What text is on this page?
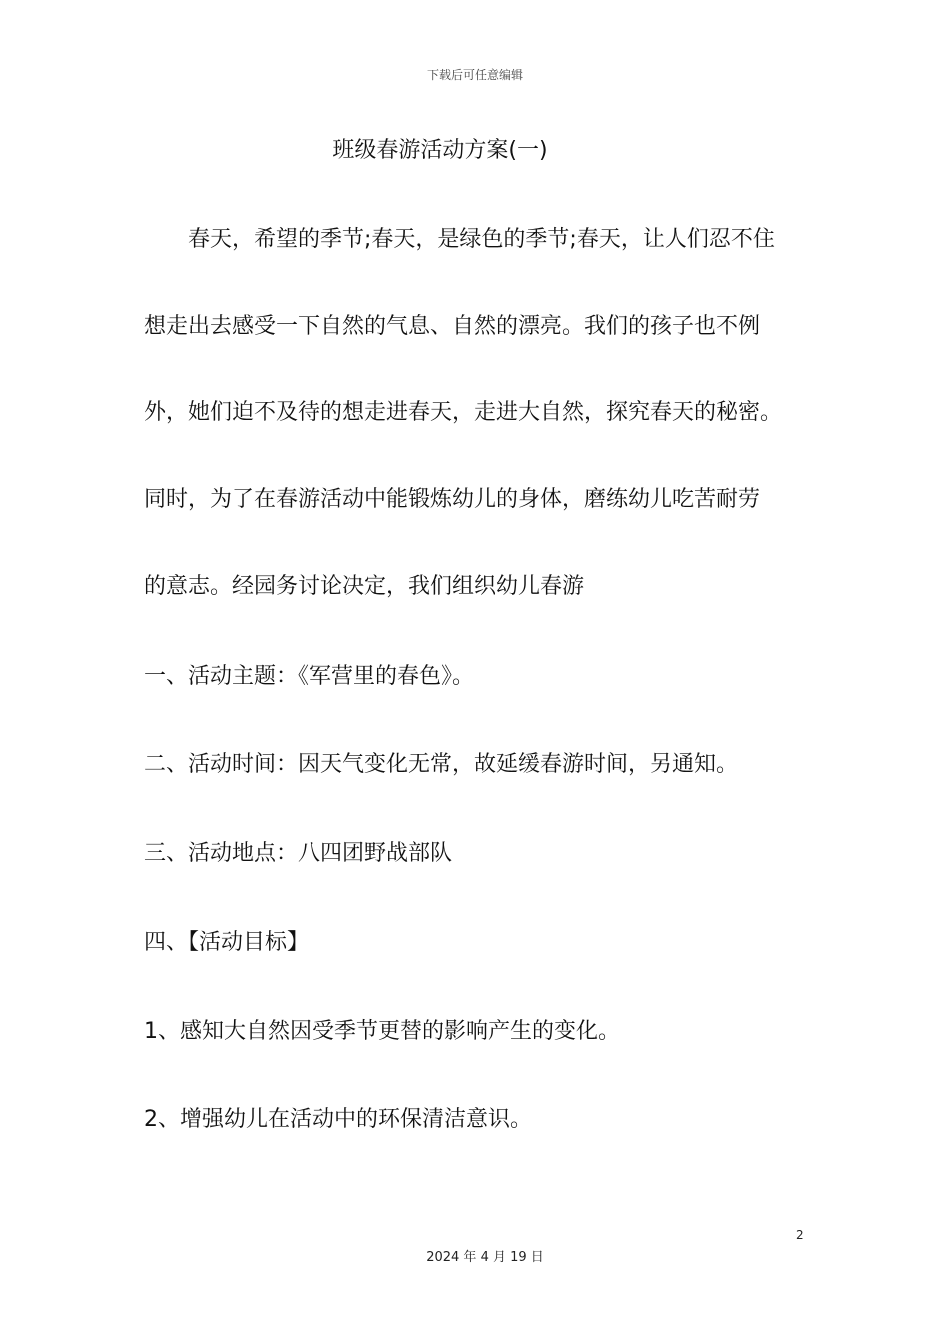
下载后可任意编辑
班级春游活动方案(一)
　　春天，希望的季节;春天，是绿色的季节;春天，让人们忍不住
想走出去感受一下自然的气息、自然的漂亮。我们的孩子也不例
外，她们迫不及待的想走进春天，走进大自然，探究春天的秘密。
同时，为了在春游活动中能锻炼幼儿的身体，磨练幼儿吃苦耐劳
的意志。经园务讨论决定，我们组织幼儿春游
一、活动主题：《军营里的春色》。
二、活动时间：因天气变化无常，故延缓春游时间，另通知。
三、活动地点：八四团野战部队
四、【活动目标】
1、感知大自然因受季节更替的影响产生的变化。
2、增强幼儿在活动中的环保清洁意识。
2
2024 年 4 月 19 日
